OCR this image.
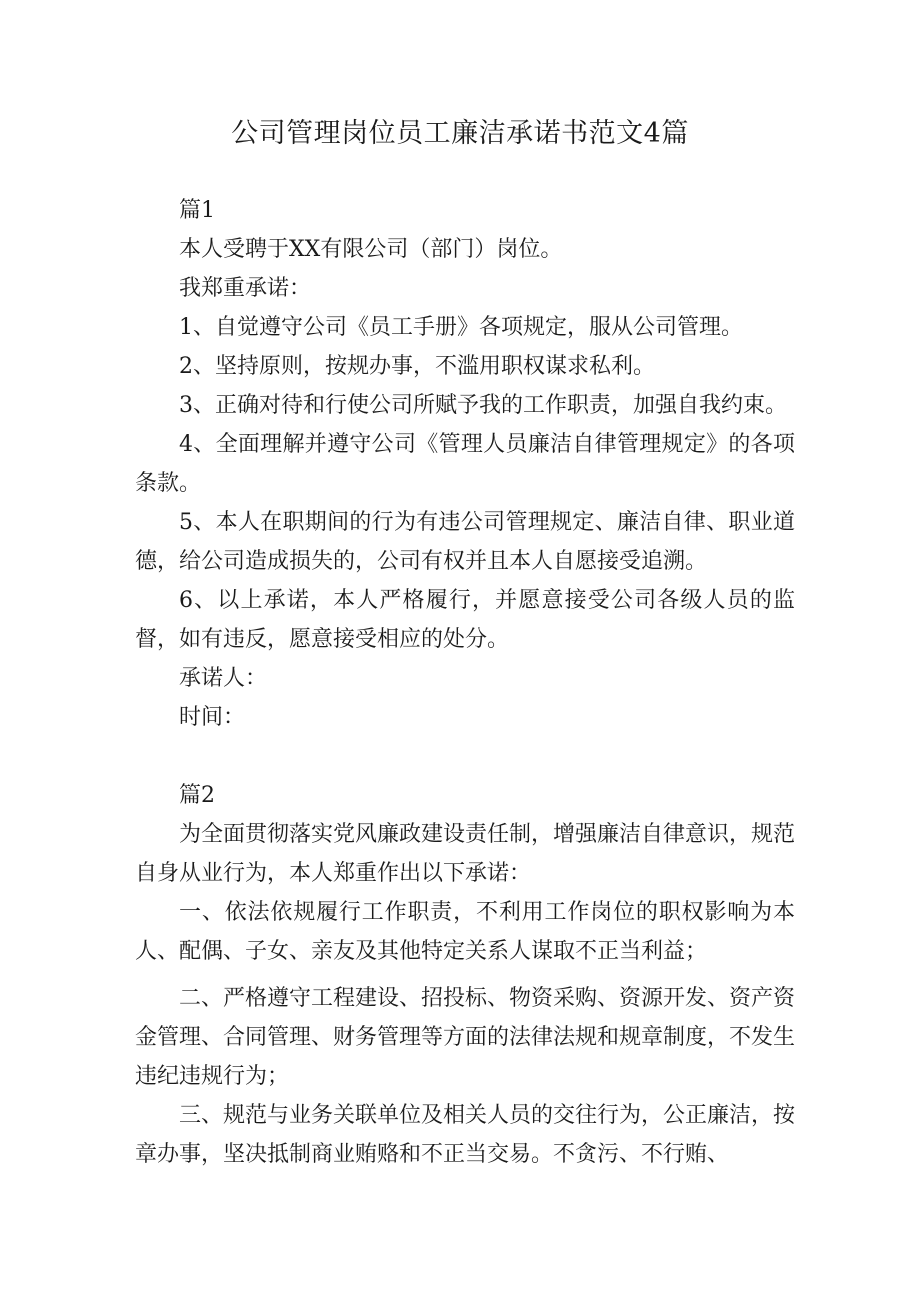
公司管理岗位员工廉洁承诺书范文4篇

篇1

本人受聘于XX有限公司（部门）岗位。

我郑重承诺：

1、自觉遵守公司《员工手册》各项规定，服从公司管理。

2、坚持原则，按规办事，不滥用职权谋求私利。

3、正确对待和行使公司所赋予我的工作职责，加强自我约束。

4、全面理解并遵守公司《管理人员廉洁自律管理规定》的各项条款。

5、本人在职期间的行为有违公司管理规定、廉洁自律、职业道德，给公司造成损失的，公司有权并且本人自愿接受追溯。

6、以上承诺，本人严格履行，并愿意接受公司各级人员的监督，如有违反，愿意接受相应的处分。

承诺人：

时间：

篇2

为全面贯彻落实党风廉政建设责任制，增强廉洁自律意识，规范自身从业行为，本人郑重作出以下承诺：

一、依法依规履行工作职责，不利用工作岗位的职权影响为本人、配偶、子女、亲友及其他特定关系人谋取不正当利益；

二、严格遵守工程建设、招投标、物资采购、资源开发、资产资金管理、合同管理、财务管理等方面的法律法规和规章制度，不发生违纪违规行为；

三、规范与业务关联单位及相关人员的交往行为，公正廉洁，按章办事，坚决抵制商业贿赂和不正当交易。不贪污、不行贿、
